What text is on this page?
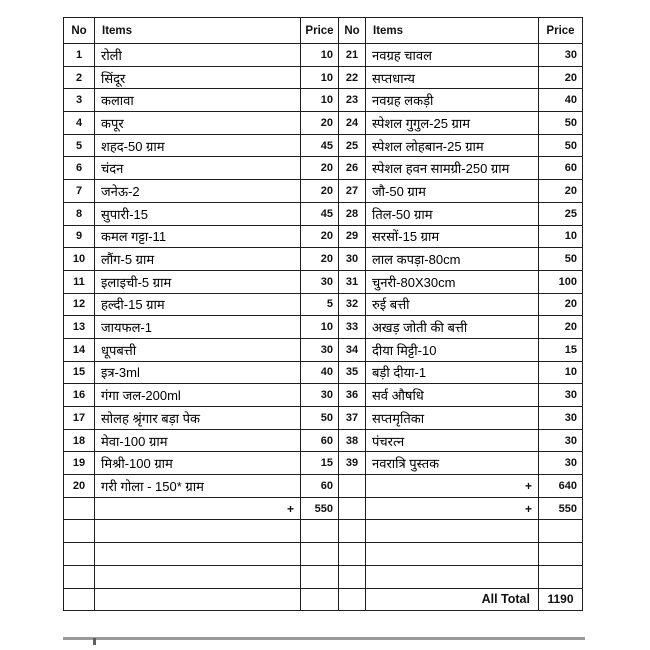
No	Items	Price	No	Items	Price
1	रोली	10	21	नवग्रह चावल	30
2	सिंदूर	10	22	सप्तधान्य	20
3	कलावा	10	23	नवग्रह लकड़ी	40
4	कपूर	20	24	स्पेशल गुगुल-25 ग्राम	50
5	शहद-50 ग्राम	45	25	स्पेशल लोहबान-25 ग्राम	50
6	चंदन	20	26	स्पेशल हवन सामग्री-250 ग्राम	60
7	जनेऊ-2	20	27	जौ-50 ग्राम	20
8	सुपारी-15	45	28	तिल-50 ग्राम	25
9	कमल गट्टा-11	20	29	सरसों-15 ग्राम	10
10	लौंग-5 ग्राम	20	30	लाल कपड़ा-80cm	50
11	इलाइची-5 ग्राम	30	31	चुनरी-80X30cm	100
12	हल्दी-15 ग्राम	5	32	रुई बत्ती	20
13	जायफल-1	10	33	अखड़ जोती की बत्ती	20
14	धूपबत्ती	30	34	दीया मिट्टी-10	15
15	इत्र-3ml	40	35	बड़ी दीया-1	10
16	गंगा जल-200ml	30	36	सर्व औषधि	30
17	सोलह श्रृंगार बड़ा पेक	50	37	सप्तमृतिका	30
18	मेवा-100 ग्राम	60	38	पंचरत्न	30
19	मिश्री-100 ग्राम	15	39	नवरात्रि पुस्तक	30
20	गरी गोला - 150* ग्राम	60		+	640
	+	550		+	550

				All Total	1190
